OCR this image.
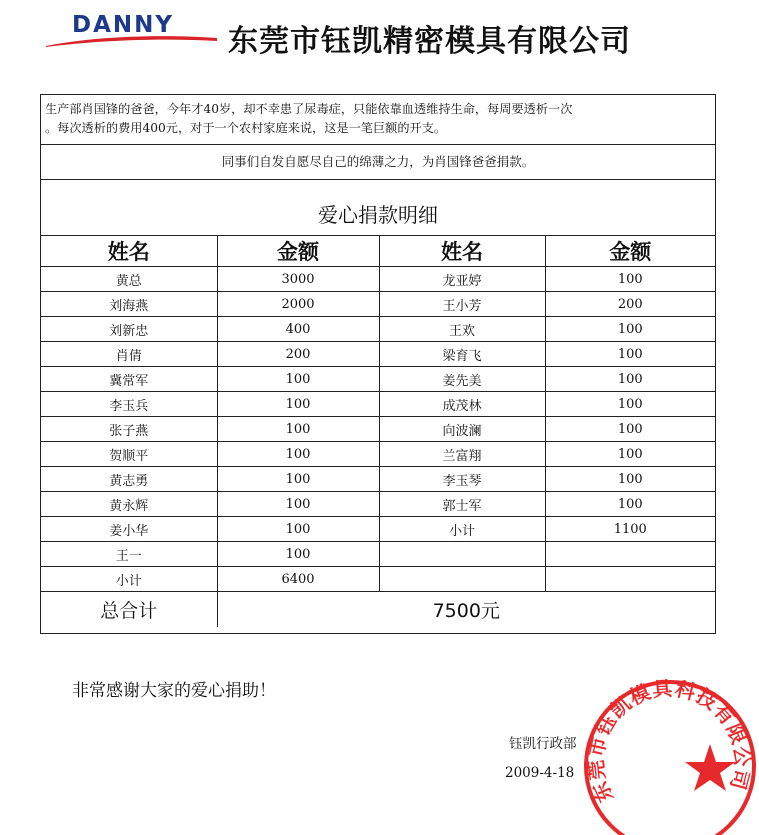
DANNY 东莞市钰凯精密模具有限公司
生产部肖国锋的爸爸，今年才40岁，却不幸患了尿毒症，只能依靠血透维持生命，每周要透析一次
。每次透析的费用400元，对于一个农村家庭来说，这是一笔巨额的开支。
同事们自发自愿尽自己的绵薄之力，为肖国锋爸爸捐款。
爱心捐款明细
姓名	金额	姓名	金额
黄总	3000	龙亚婷	100
刘海燕	2000	王小芳	200
刘新忠	400	王欢	100
肖倩	200	梁育飞	100
冀常军	100	姜先美	100
李玉兵	100	成茂林	100
张子燕	100	向波澜	100
贺顺平	100	兰富翔	100
黄志勇	100	李玉琴	100
黄永辉	100	郭士军	100
姜小华	100	小计	1100
王一	100		
小计	6400		
总合计	7500元		
非常感谢大家的爱心捐助！
钰凯行政部
2009-4-18
东莞市钰凯模具科技有限公司
